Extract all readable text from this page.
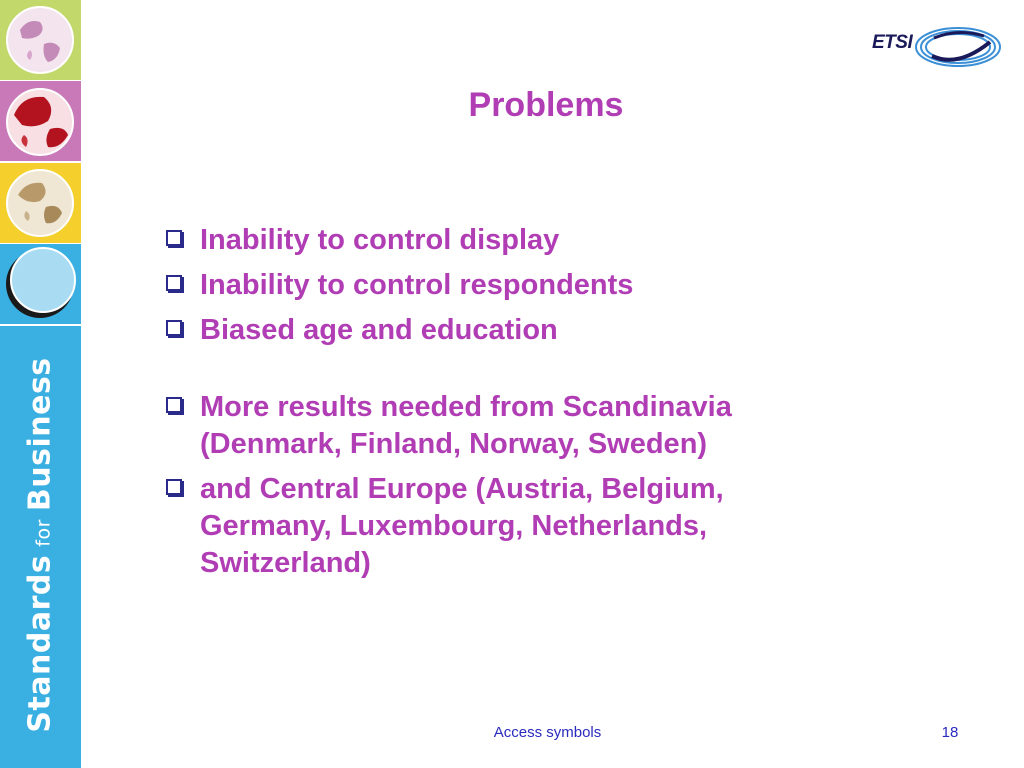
StandardsforBusiness
ETSI
Problems
Inability to control display
Inability to control respondents
Biased age and education
More results needed from Scandinavia
(Denmark, Finland, Norway, Sweden)
and Central Europe (Austria, Belgium,
Germany, Luxembourg, Netherlands,
Switzerland)
Access symbols	18
